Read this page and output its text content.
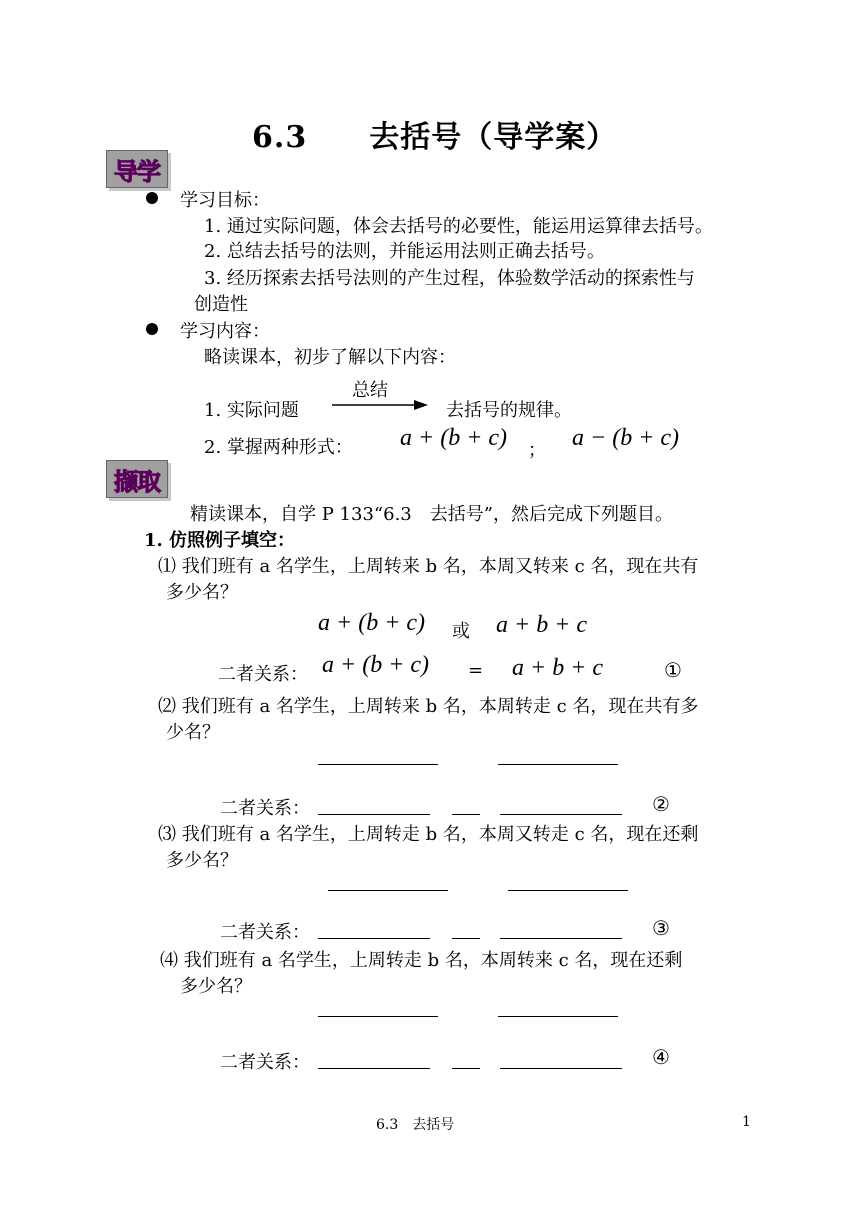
6.3　　去括号（导学案）
导学
学习目标：
1. 通过实际问题，体会去括号的必要性，能运用运算律去括号。
2. 总结去括号的法则，并能运用法则正确去括号。
3. 经历探索去括号法则的产生过程，体验数学活动的探索性与
创造性
学习内容：
略读课本，初步了解以下内容：
总结
1. 实际问题	去括号的规律。
2. 掌握两种形式： a + (b + c) ； a − (b + c)
撷取
精读课本，自学 P 133“6.3　去括号”，然后完成下列题目。
1. 仿照例子填空：
⑴ 我们班有 a 名学生，上周转来 b 名，本周又转来 c 名，现在共有
多少名？
a + (b + c) 或 a + b + c
二者关系： a + (b + c) = a + b + c	①
⑵ 我们班有 a 名学生，上周转来 b 名，本周转走 c 名，现在共有多
少名？
二者关系：	②
⑶ 我们班有 a 名学生，上周转走 b 名，本周又转走 c 名，现在还剩
多少名？
二者关系：	③
⑷ 我们班有 a 名学生，上周转走 b 名，本周转来 c 名，现在还剩
多少名？
二者关系：	④
6.3　去括号	1
